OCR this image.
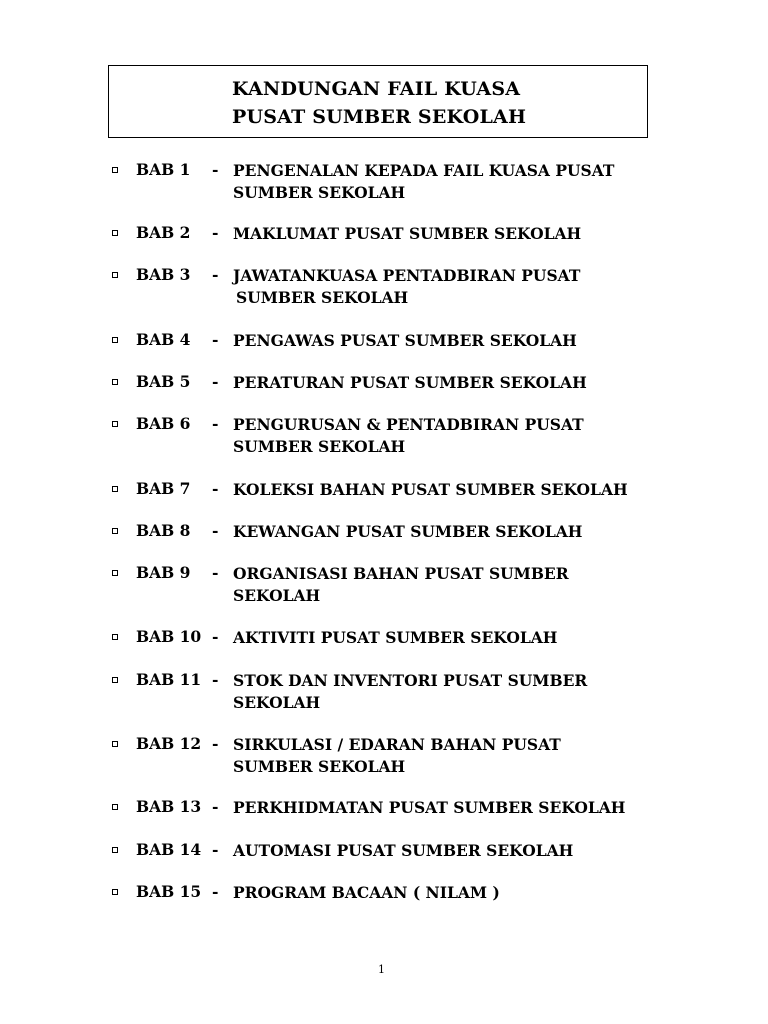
KANDUNGAN FAIL KUASA
PUSAT SUMBER SEKOLAH
BAB 1 - PENGENALAN KEPADA FAIL KUASA PUSAT
SUMBER SEKOLAH
BAB 2 - MAKLUMAT PUSAT SUMBER SEKOLAH
BAB 3 - JAWATANKUASA PENTADBIRAN PUSAT
SUMBER SEKOLAH
BAB 4 - PENGAWAS PUSAT SUMBER SEKOLAH
BAB 5 - PERATURAN PUSAT SUMBER SEKOLAH
BAB 6 - PENGURUSAN & PENTADBIRAN PUSAT
SUMBER SEKOLAH
BAB 7 - KOLEKSI BAHAN PUSAT SUMBER SEKOLAH
BAB 8 - KEWANGAN PUSAT SUMBER SEKOLAH
BAB 9 - ORGANISASI BAHAN PUSAT SUMBER
SEKOLAH
BAB 10 - AKTIVITI PUSAT SUMBER SEKOLAH
BAB 11 - STOK DAN INVENTORI PUSAT SUMBER
SEKOLAH
BAB 12 - SIRKULASI / EDARAN BAHAN PUSAT
SUMBER SEKOLAH
BAB 13 - PERKHIDMATAN PUSAT SUMBER SEKOLAH
BAB 14 - AUTOMASI PUSAT SUMBER SEKOLAH
BAB 15 - PROGRAM BACAAN ( NILAM )
1
